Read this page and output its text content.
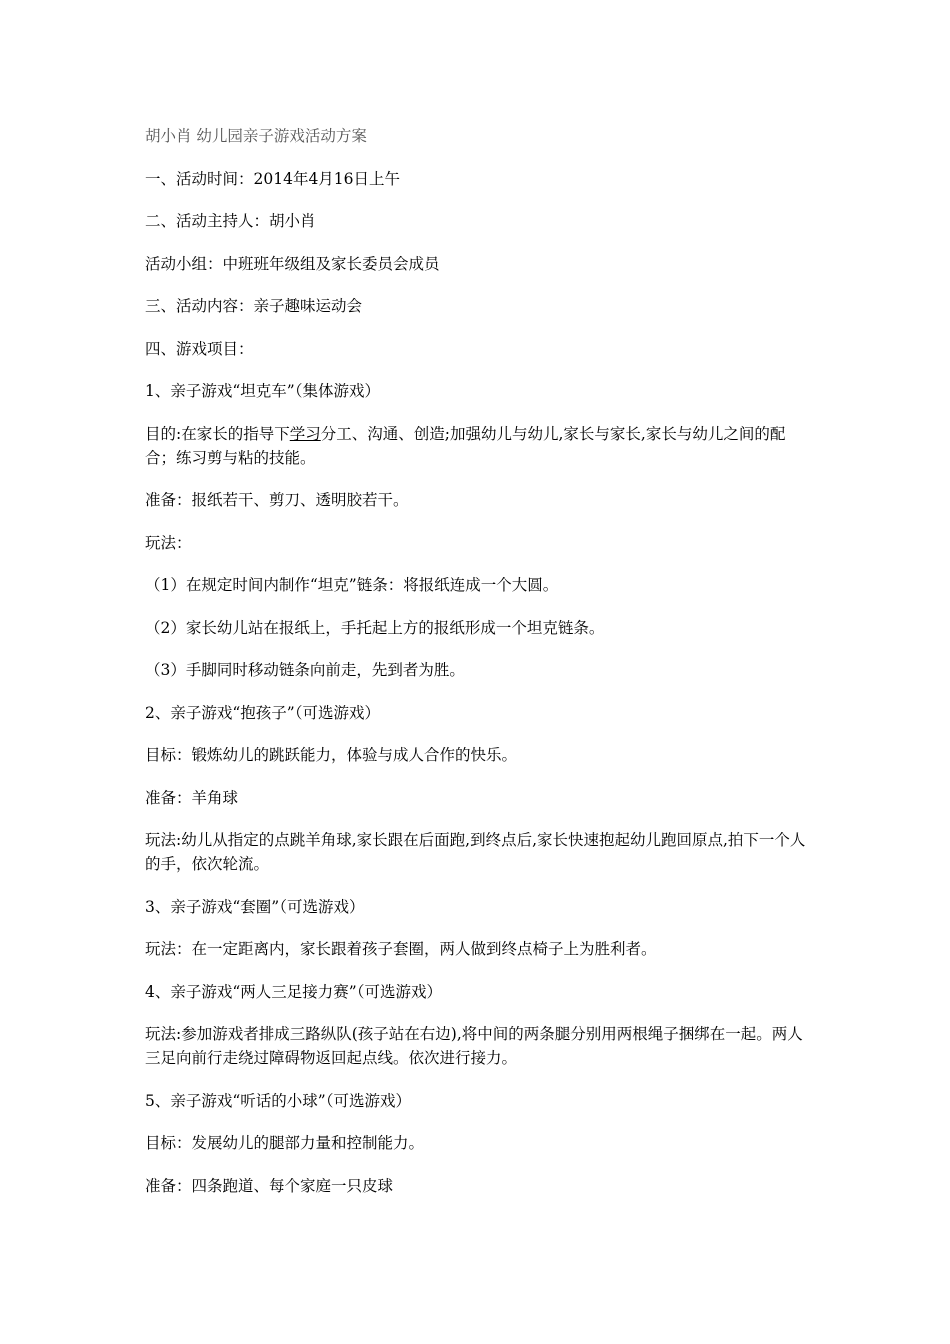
胡小肖 幼儿园亲子游戏活动方案

一、活动时间：2014年4月16日上午

二、活动主持人：胡小肖

活动小组：中班班年级组及家长委员会成员

三、活动内容：亲子趣味运动会

四、游戏项目：

1、亲子游戏“坦克车”（集体游戏）

目的:在家长的指导下学习分工、沟通、创造;加强幼儿与幼儿,家长与家长,家长与幼儿之间的配合；练习剪与粘的技能。

准备：报纸若干、剪刀、透明胶若干。

玩法：

（1）在规定时间内制作“坦克”链条：将报纸连成一个大圆。

（2）家长幼儿站在报纸上，手托起上方的报纸形成一个坦克链条。

（3）手脚同时移动链条向前走，先到者为胜。

2、亲子游戏“抱孩子”（可选游戏）

目标：锻炼幼儿的跳跃能力，体验与成人合作的快乐。

准备：羊角球

玩法:幼儿从指定的点跳羊角球,家长跟在后面跑,到终点后,家长快速抱起幼儿跑回原点,拍下一个人的手，依次轮流。

3、亲子游戏“套圈”（可选游戏）

玩法：在一定距离内，家长跟着孩子套圈，两人做到终点椅子上为胜利者。

4、亲子游戏“两人三足接力赛”（可选游戏）

玩法:参加游戏者排成三路纵队(孩子站在右边),将中间的两条腿分别用两根绳子捆绑在一起。两人三足向前行走绕过障碍物返回起点线。依次进行接力。

5、亲子游戏“听话的小球”（可选游戏）

目标：发展幼儿的腿部力量和控制能力。

准备：四条跑道、每个家庭一只皮球
